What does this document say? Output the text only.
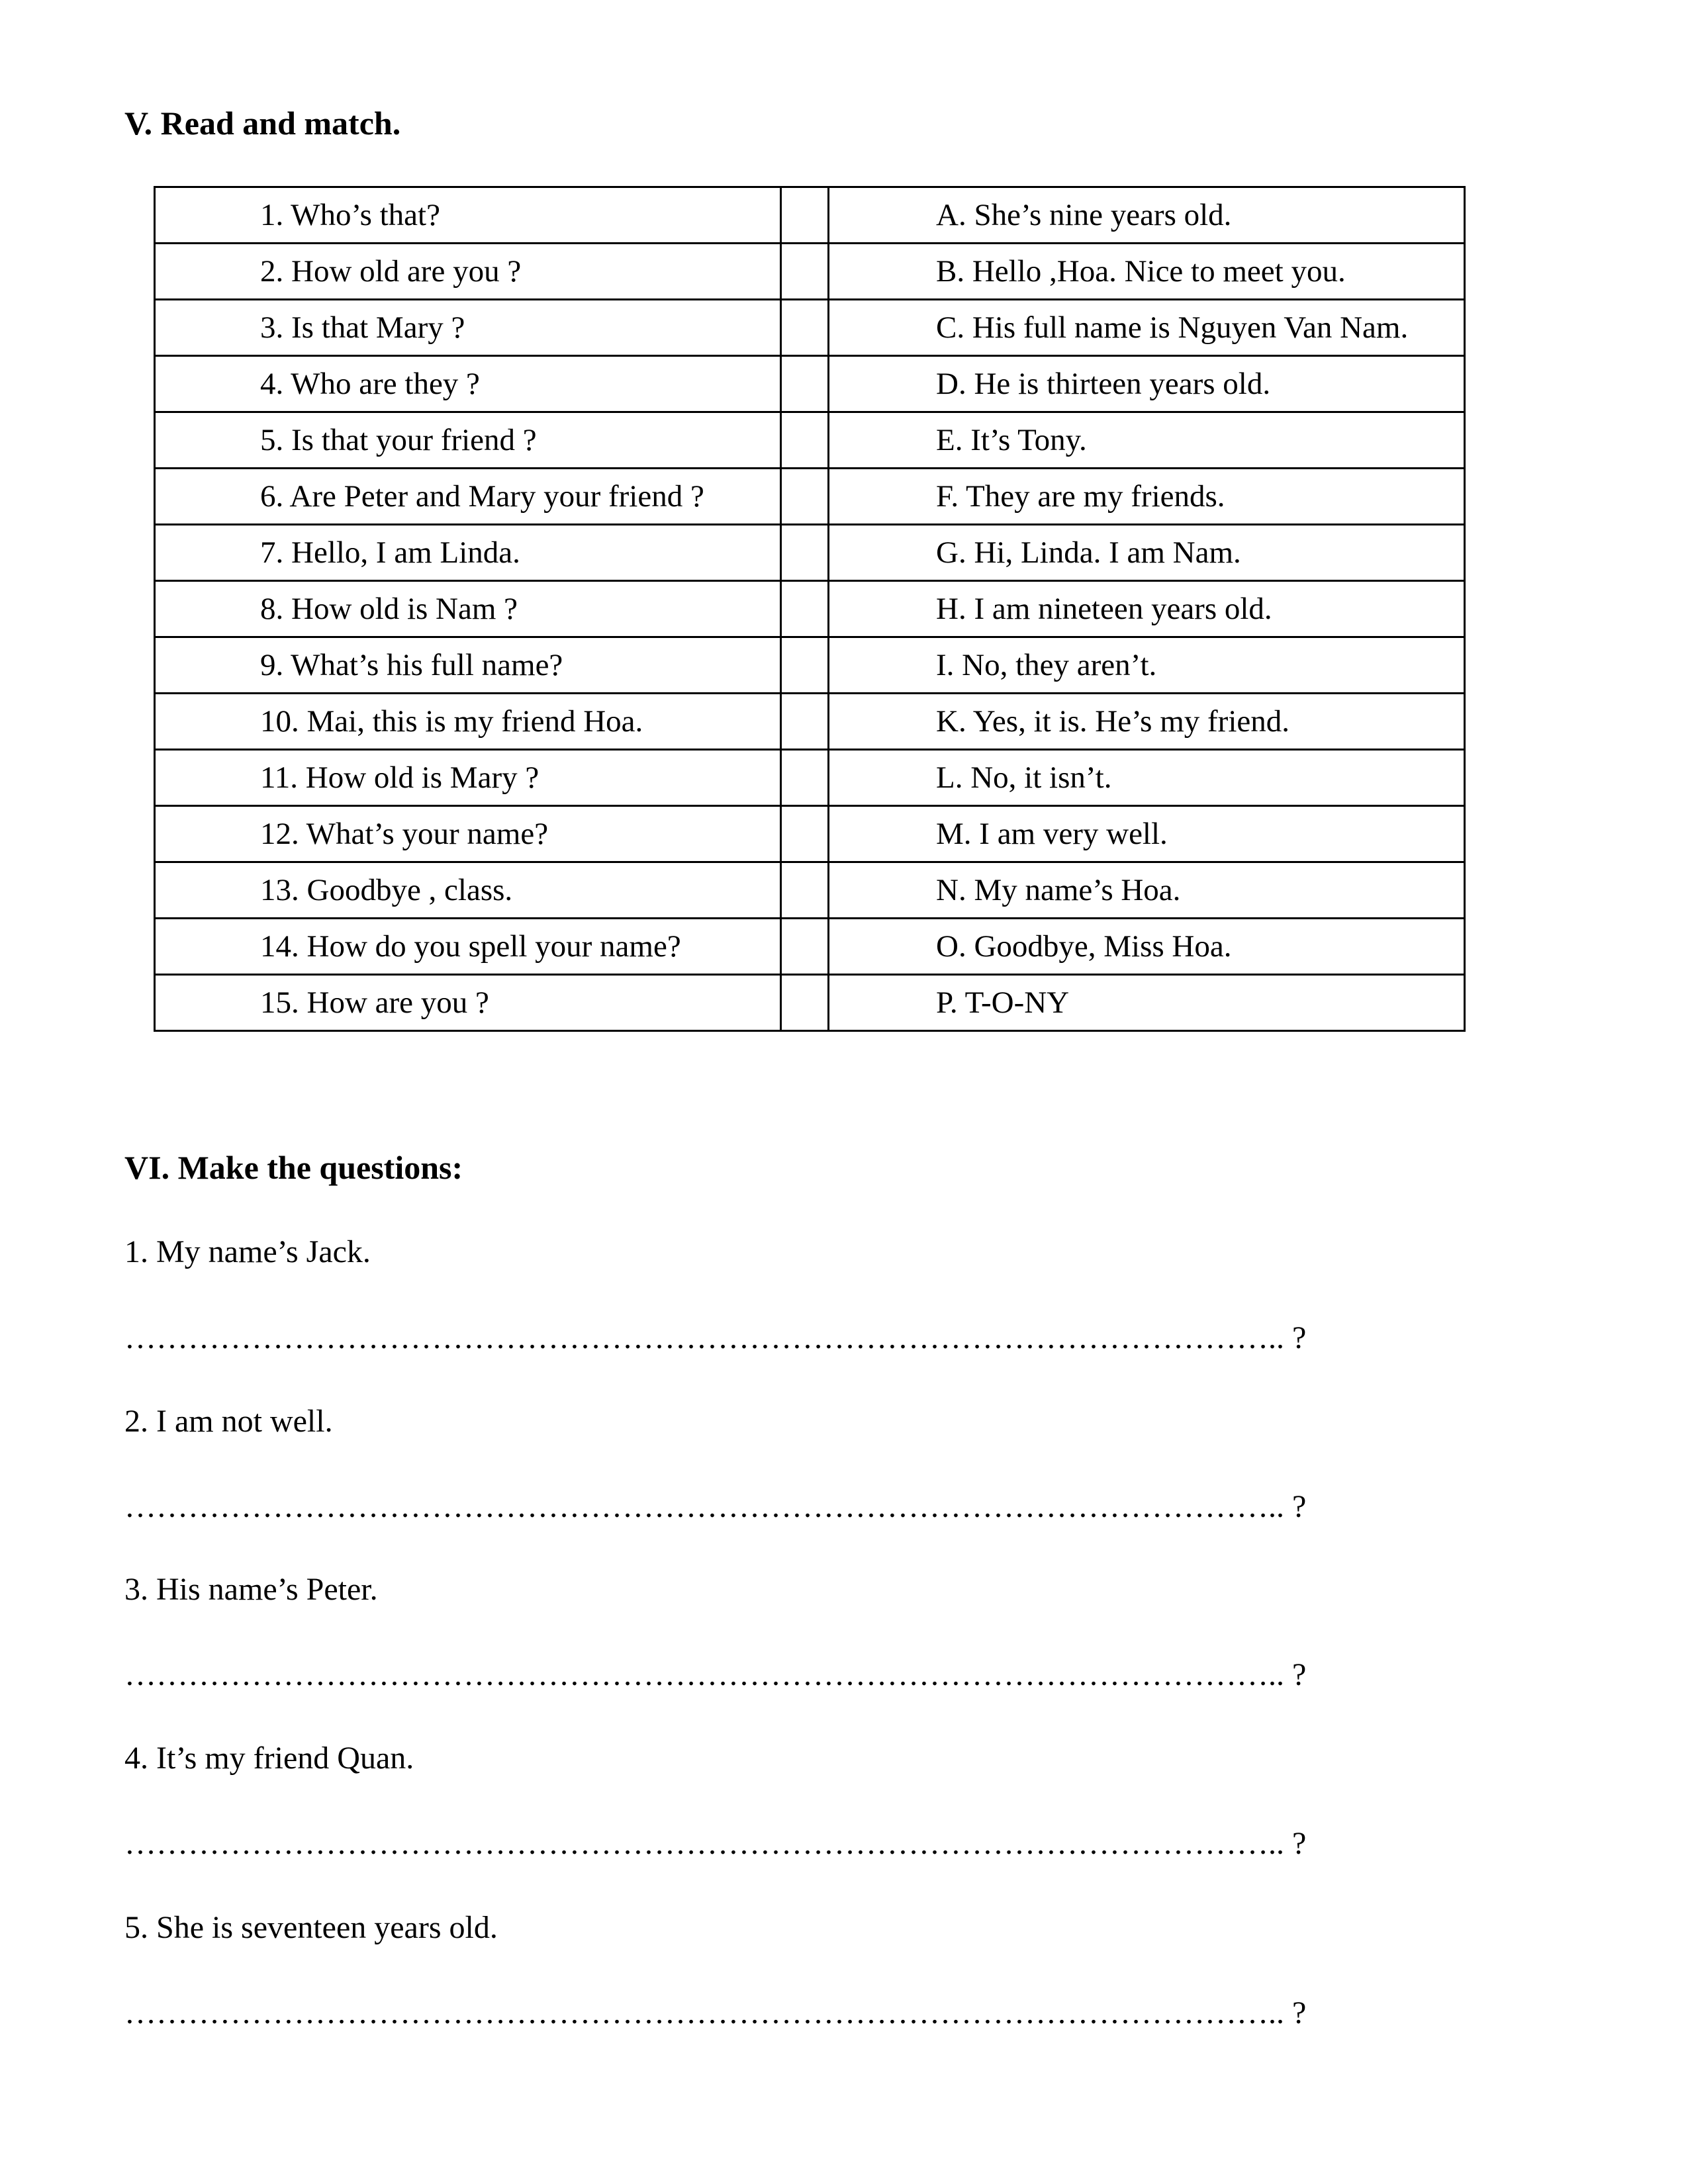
V. Read and match.
1. Who’s that?		A. She’s nine years old.
2. How old are you ?		B. Hello ,Hoa. Nice to meet you.
3. Is that Mary ?		C. His full name is Nguyen Van Nam.
4. Who are they ?		D. He is thirteen years old.
5. Is that your friend ?		E. It’s Tony.
6. Are Peter and Mary your friend ?		F. They are my friends.
7. Hello, I am Linda.		G. Hi, Linda. I am Nam.
8. How old is Nam ?		H. I am nineteen years old.
9. What’s his full name?		I. No, they aren’t.
10. Mai, this is my friend Hoa.		K. Yes, it is. He’s my friend.
11. How old is Mary ?		L. No, it isn’t.
12. What’s your name?		M. I am very well.
13. Goodbye , class.		N. My name’s Hoa.
14. How do you spell your name?		O. Goodbye, Miss Hoa.
15. How are you ?		P. T-O-NY
VI. Make the questions:
1. My name’s Jack.
……………………………………………………………………………………………….. ?
2. I am not well.
……………………………………………………………………………………………….. ?
3. His name’s Peter.
……………………………………………………………………………………………….. ?
4. It’s my friend Quan.
……………………………………………………………………………………………….. ?
5. She is seventeen years old.
……………………………………………………………………………………………….. ?
